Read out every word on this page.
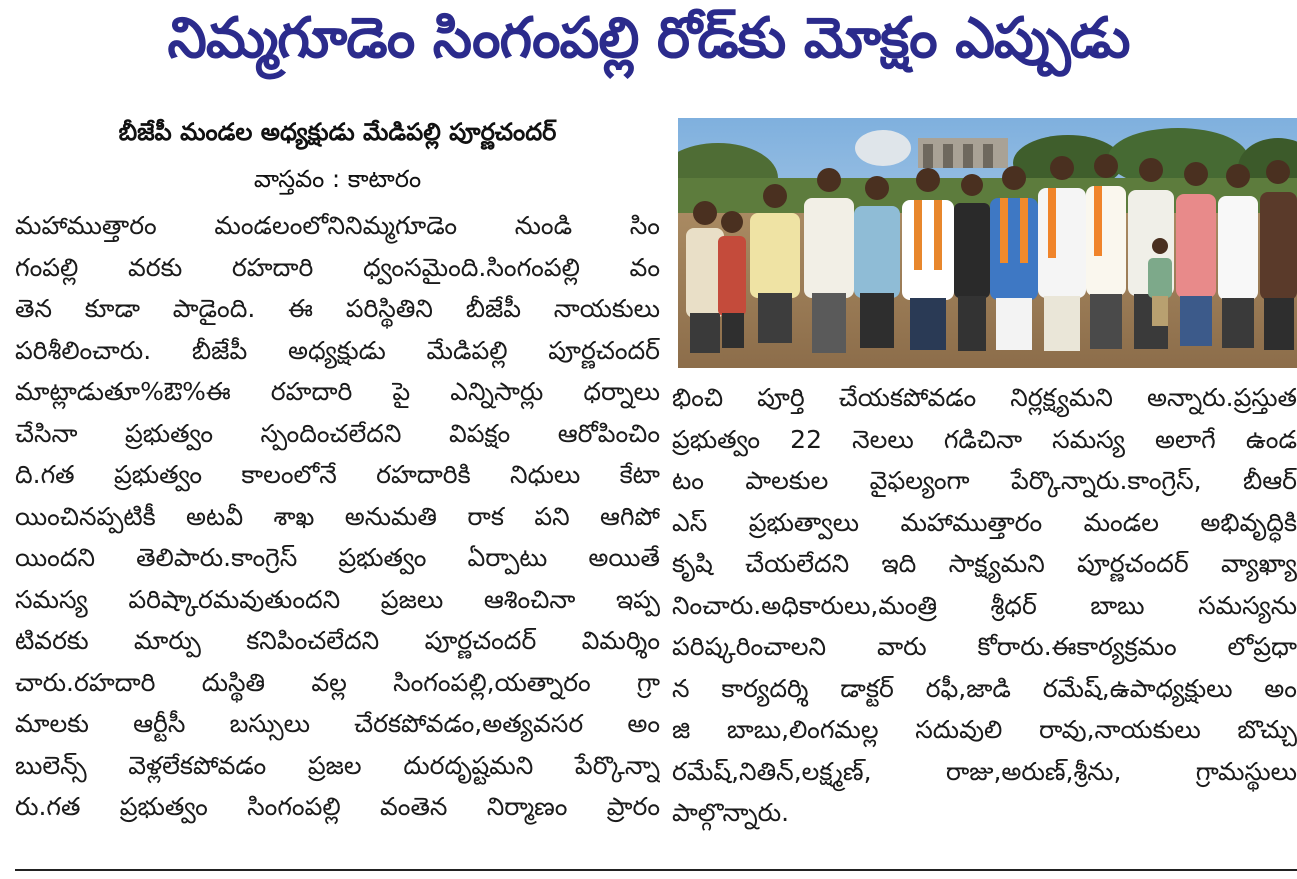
నిమ్మగూడెం సింగంపల్లి రోడ్‌కు మోక్షం ఎప్పుడు
బీజేపీ మండల అధ్యక్షుడు మేడిపల్లి పూర్ణచందర్
వాస్తవం : కాటారం
మహాముత్తారం మండలంలోనినిమ్మగూడెం నుండి సిం
గంపల్లి వరకు రహదారి ధ్వంసమైంది.సింగంపల్లి వం
తెన కూడా పాడైంది. ఈ పరిస్థితిని బీజేపీ నాయకులు
పరిశీలించారు. బీజేపీ అధ్యక్షుడు మేడిపల్లి పూర్ణచందర్
మాట్లాడుతూ%ఔ%ఈ రహదారి పై ఎన్నిసార్లు ధర్నాలు
చేసినా ప్రభుత్వం స్పందించలేదని విపక్షం ఆరోపించిం
ది.గత ప్రభుత్వం కాలంలోనే రహదారికి నిధులు కేటా
యించినప్పటికీ అటవీ శాఖ అనుమతి రాక పని ఆగిపో
యిందని తెలిపారు.కాంగ్రెస్ ప్రభుత్వం ఏర్పాటు అయితే
సమస్య పరిష్కారమవుతుందని ప్రజలు ఆశించినా ఇప్ప
టివరకు మార్పు కనిపించలేదని పూర్ణచందర్ విమర్శిం
చారు.రహదారి దుస్థితి వల్ల సింగంపల్లి,యత్నారం గ్రా
మాలకు ఆర్టీసీ బస్సులు చేరకపోవడం,అత్యవసర అం
బులెన్స్ వెళ్లలేకపోవడం ప్రజల దురదృష్టమని పేర్కొన్నా
రు.గత ప్రభుత్వం సింగంపల్లి వంతెన నిర్మాణం ప్రారం
భించి పూర్తి చేయకపోవడం నిర్లక్ష్యమని అన్నారు.ప్రస్తుత
ప్రభుత్వం 22 నెలలు గడిచినా సమస్య అలాగే ఉండ
టం పాలకుల వైఫల్యంగా పేర్కొన్నారు.కాంగ్రెస్, బీఆర్
ఎస్ ప్రభుత్వాలు మహాముత్తారం మండల అభివృద్ధికి
కృషి చేయలేదని ఇది సాక్ష్యమని పూర్ణచందర్ వ్యాఖ్యా
నించారు.అధికారులు,మంత్రి శ్రీధర్ బాబు సమస్యను
పరిష్కరించాలని వారు కోరారు.ఈకార్యక్రమం లోప్రధా
న కార్యదర్శి డాక్టర్ రఫీ,జాడి రమేష్,ఉపాధ్యక్షులు అం
జి బాబు,లింగమల్ల సదువులి రావు,నాయకులు బొచ్చు
రమేష్,నితిన్,లక్ష్మణ్, రాజు,అరుణ్,శ్రీను, గ్రామస్థులు
పాల్గొన్నారు.
